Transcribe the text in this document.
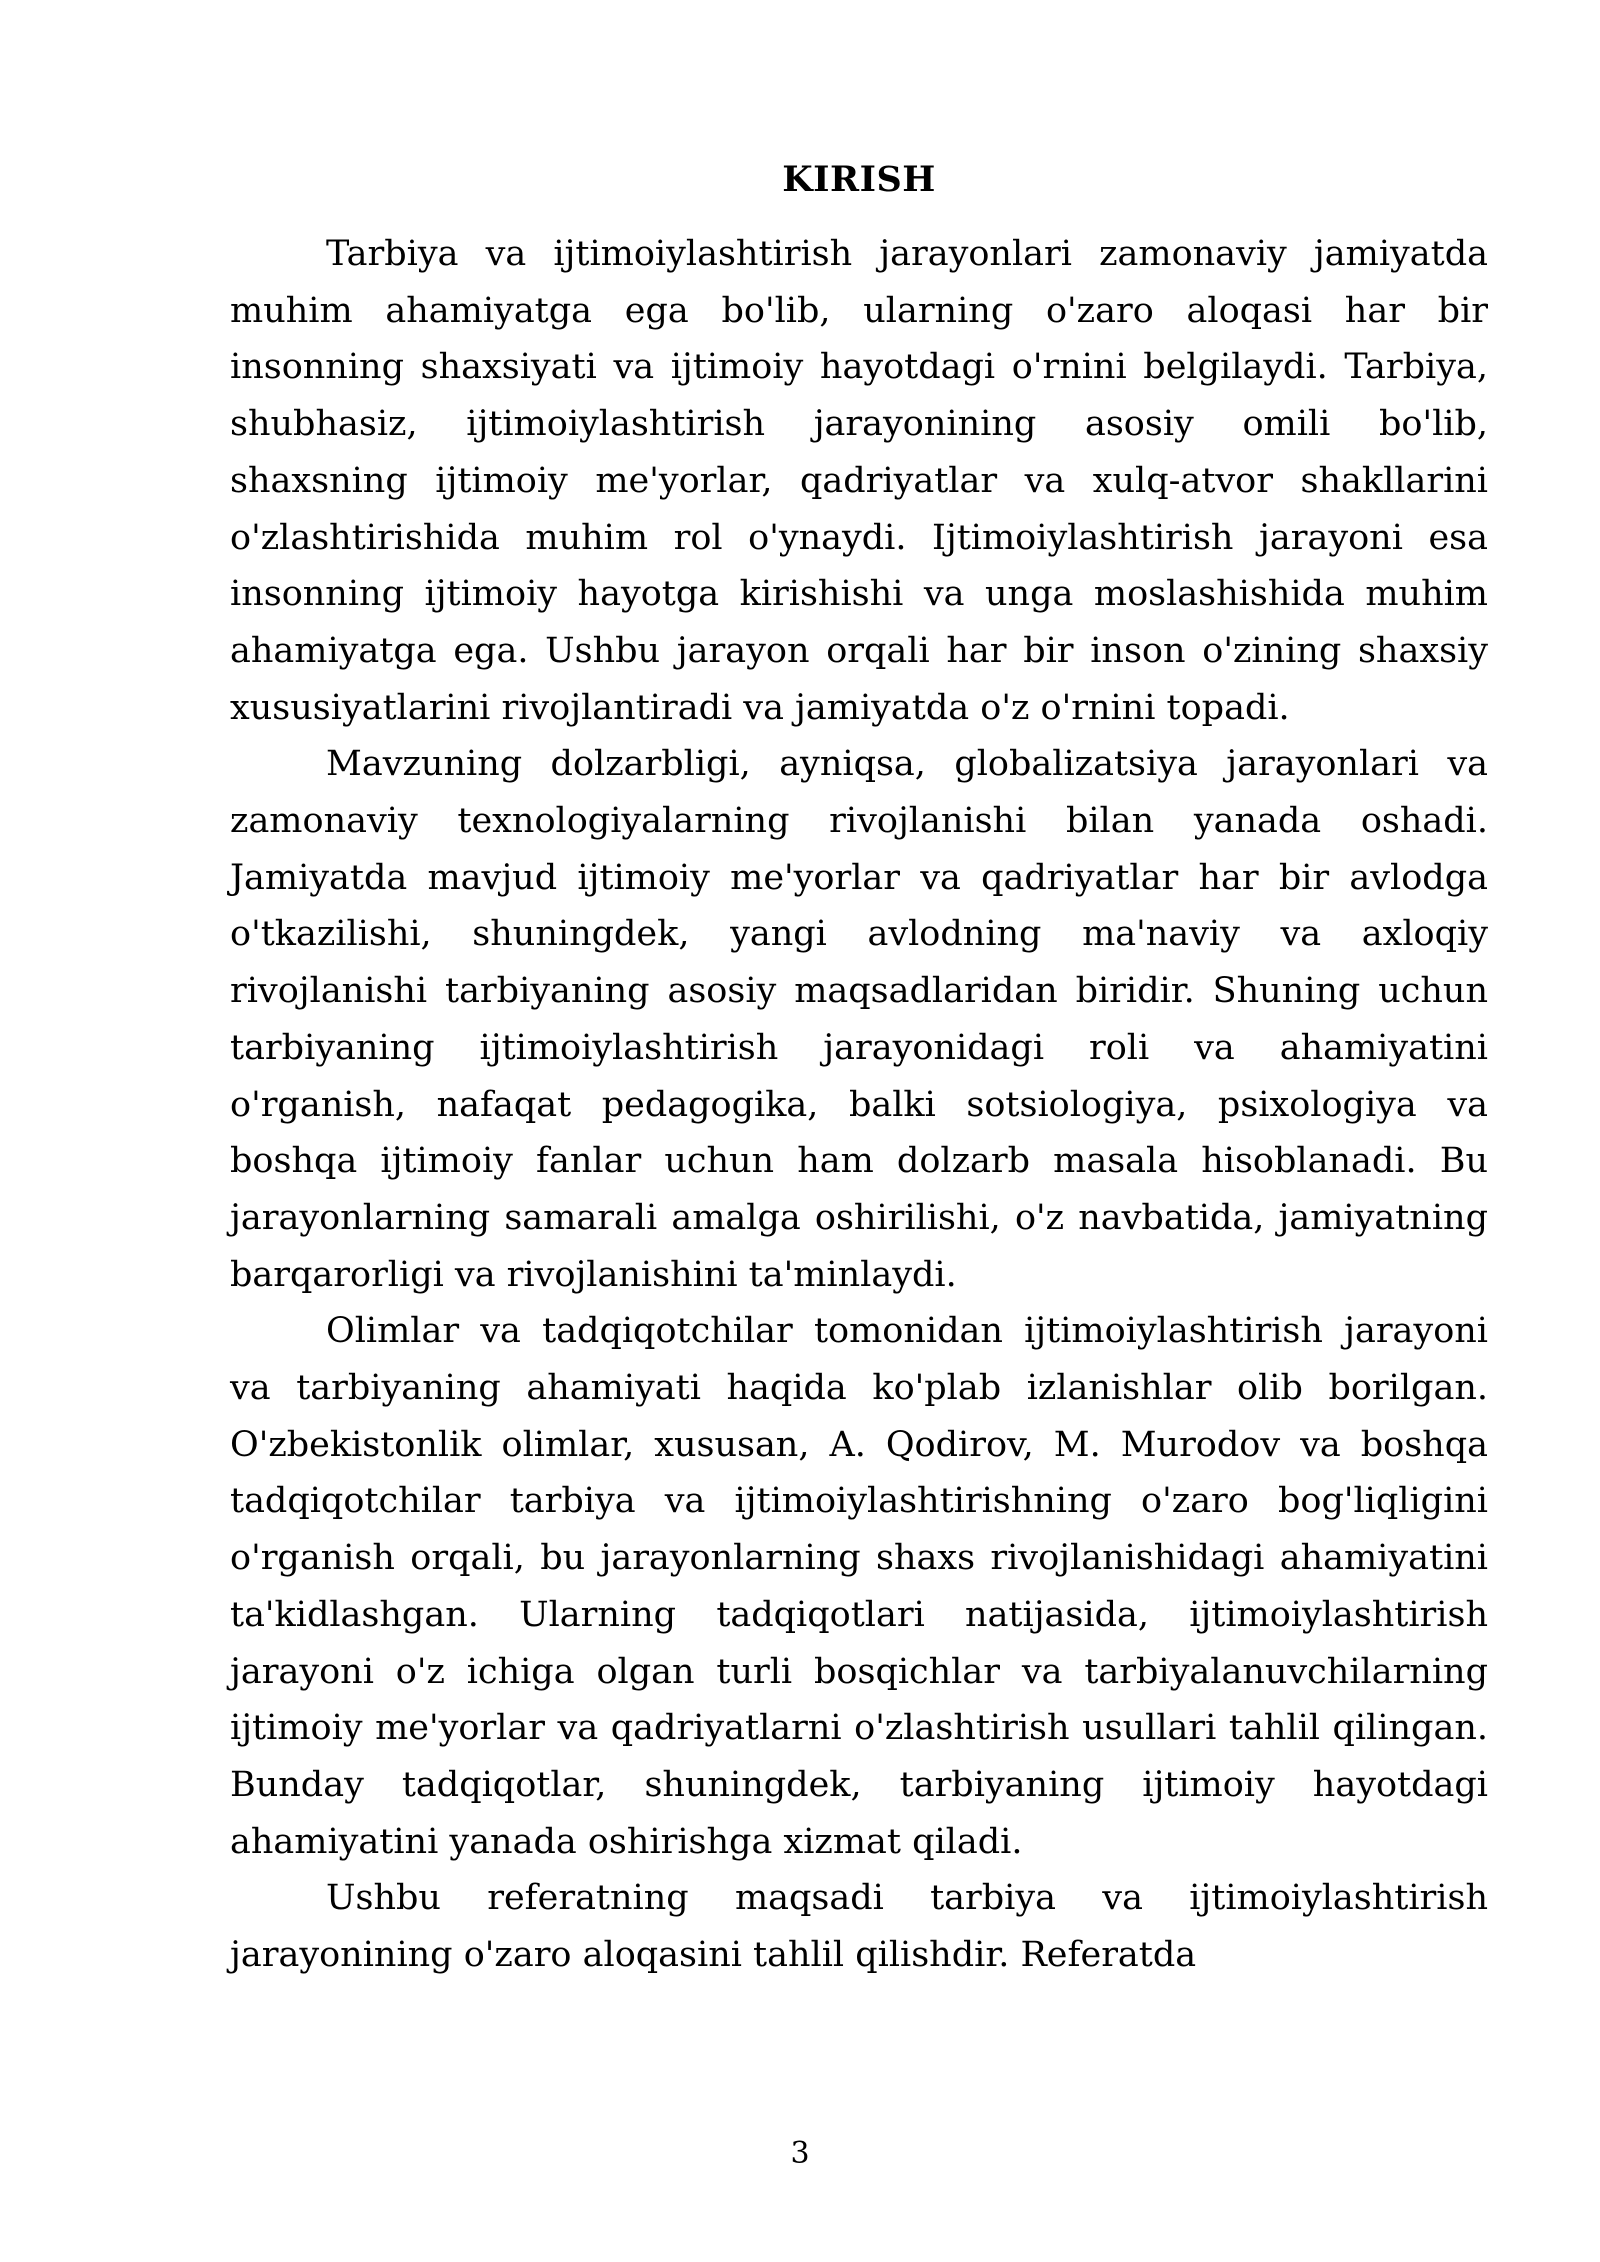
KIRISH

Tarbiya va ijtimoiylashtirish jarayonlari zamonaviy jamiyatda muhim ahamiyatga ega bo'lib, ularning o'zaro aloqasi har bir insonning shaxsiyati va ijtimoiy hayotdagi o'rnini belgilaydi. Tarbiya, shubhasiz, ijtimoiylashtirish jarayonining asosiy omili bo'lib, shaxsning ijtimoiy me'yorlar, qadriyatlar va xulq-atvor shakllarini o'zlashtirishida muhim rol o'ynaydi. Ijtimoiylashtirish jarayoni esa insonning ijtimoiy hayotga kirishishi va unga moslashishida muhim ahamiyatga ega. Ushbu jarayon orqali har bir inson o'zining shaxsiy xususiyatlarini rivojlantiradi va jamiyatda o'z o'rnini topadi.

Mavzuning dolzarbligi, ayniqsa, globalizatsiya jarayonlari va zamonaviy texnologiyalarning rivojlanishi bilan yanada oshadi. Jamiyatda mavjud ijtimoiy me'yorlar va qadriyatlar har bir avlodga o'tkazilishi, shuningdek, yangi avlodning ma'naviy va axloqiy rivojlanishi tarbiyaning asosiy maqsadlaridan biridir. Shuning uchun tarbiyaning ijtimoiylashtirish jarayonidagi roli va ahamiyatini o'rganish, nafaqat pedagogika, balki sotsiologiya, psixologiya va boshqa ijtimoiy fanlar uchun ham dolzarb masala hisoblanadi. Bu jarayonlarning samarali amalga oshirilishi, o'z navbatida, jamiyatning barqarorligi va rivojlanishini ta'minlaydi.

Olimlar va tadqiqotchilar tomonidan ijtimoiylashtirish jarayoni va tarbiyaning ahamiyati haqida ko'plab izlanishlar olib borilgan. O'zbekistonlik olimlar, xususan, A. Qodirov, M. Murodov va boshqa tadqiqotchilar tarbiya va ijtimoiylashtirishning o'zaro bog'liqligini o'rganish orqali, bu jarayonlarning shaxs rivojlanishidagi ahamiyatini ta'kidlashgan. Ularning tadqiqotlari natijasida, ijtimoiylashtirish jarayoni o'z ichiga olgan turli bosqichlar va tarbiyalanuvchilarning ijtimoiy me'yorlar va qadriyatlarni o'zlashtirish usullari tahlil qilingan. Bunday tadqiqotlar, shuningdek, tarbiyaning ijtimoiy hayotdagi ahamiyatini yanada oshirishga xizmat qiladi.

Ushbu referatning maqsadi tarbiya va ijtimoiylashtirish jarayonining o'zaro aloqasini tahlil qilishdir. Referatda

3
